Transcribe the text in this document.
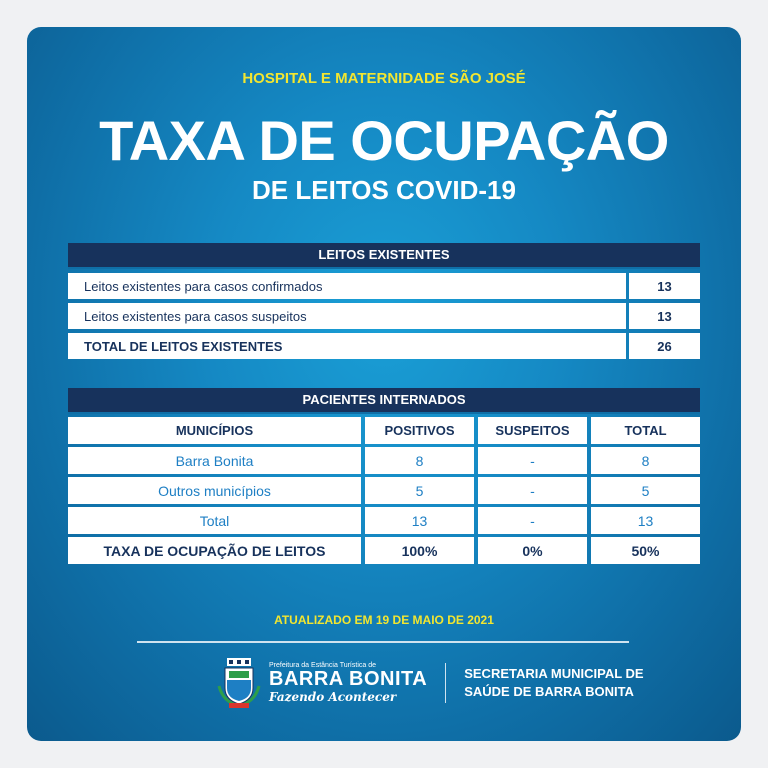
HOSPITAL E MATERNIDADE SÃO JOSÉ
TAXA DE OCUPAÇÃO
DE LEITOS COVID-19
LEITOS EXISTENTES
Leitos existentes para casos confirmados	13
Leitos existentes para casos suspeitos	13
TOTAL DE LEITOS EXISTENTES	26
PACIENTES INTERNADOS
MUNICÍPIOS	POSITIVOS	SUSPEITOS	TOTAL
Barra Bonita	8	-	8
Outros municípios	5	-	5
Total	13	-	13
TAXA DE OCUPAÇÃO DE LEITOS	100%	0%	50%
ATUALIZADO EM 19 DE MAIO DE 2021
Prefeitura da Estância Turística de
BARRA BONITA
Fazendo Acontecer
SECRETARIA MUNICIPAL DE
SAÚDE DE BARRA BONITA
